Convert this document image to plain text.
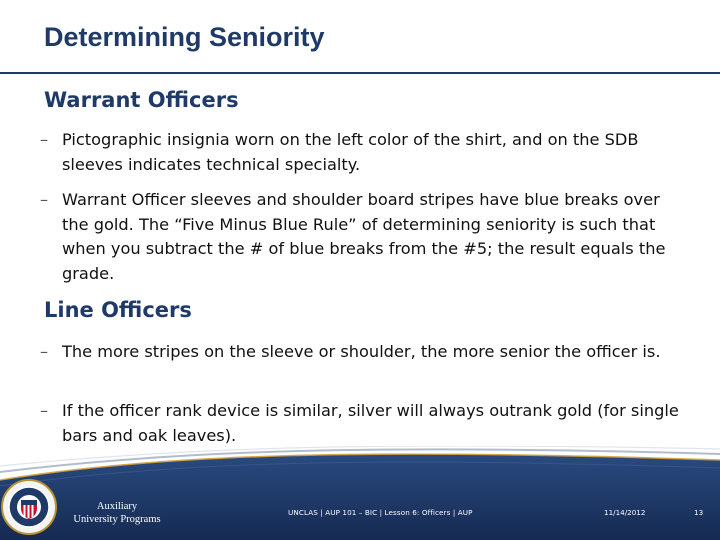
Determining Seniority
Warrant Officers
– Pictographic insignia worn on the left color of the shirt, and on the SDB sleeves indicates technical specialty.
– Warrant Officer sleeves and shoulder board stripes have blue breaks over the gold. The “Five Minus Blue Rule” of determining seniority is such that when you subtract the # of blue breaks from the #5; the result equals the grade.
Line Officers
– The more stripes on the sleeve or shoulder, the more senior the officer is.
– If the officer rank device is similar, silver will always outrank gold (for single bars and oak leaves).
Auxiliary
University Programs
UNCLAS | AUP 101 – BIC | Lesson 6: Officers | AUP	11/14/2012	13
